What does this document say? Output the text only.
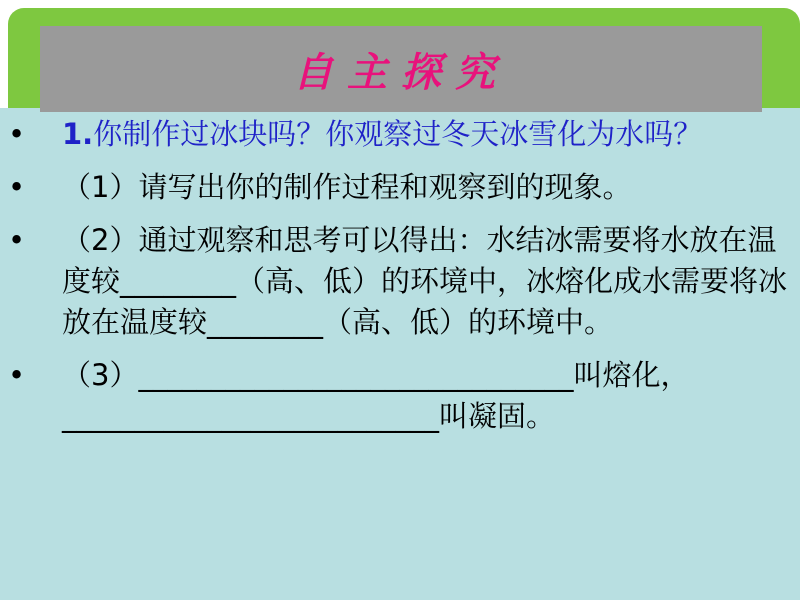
自主探究
• 1.你制作过冰块吗？你观察过冬天冰雪化为水吗？
• （1）请写出你的制作过程和观察到的现象。
• （2）通过观察和思考可以得出：水结冰需要将水放在温度较________（高、低）的环境中，冰熔化成水需要将冰放在温度较________（高、低）的环境中。
• （3）______________________________叫熔化，__________________________叫凝固。
